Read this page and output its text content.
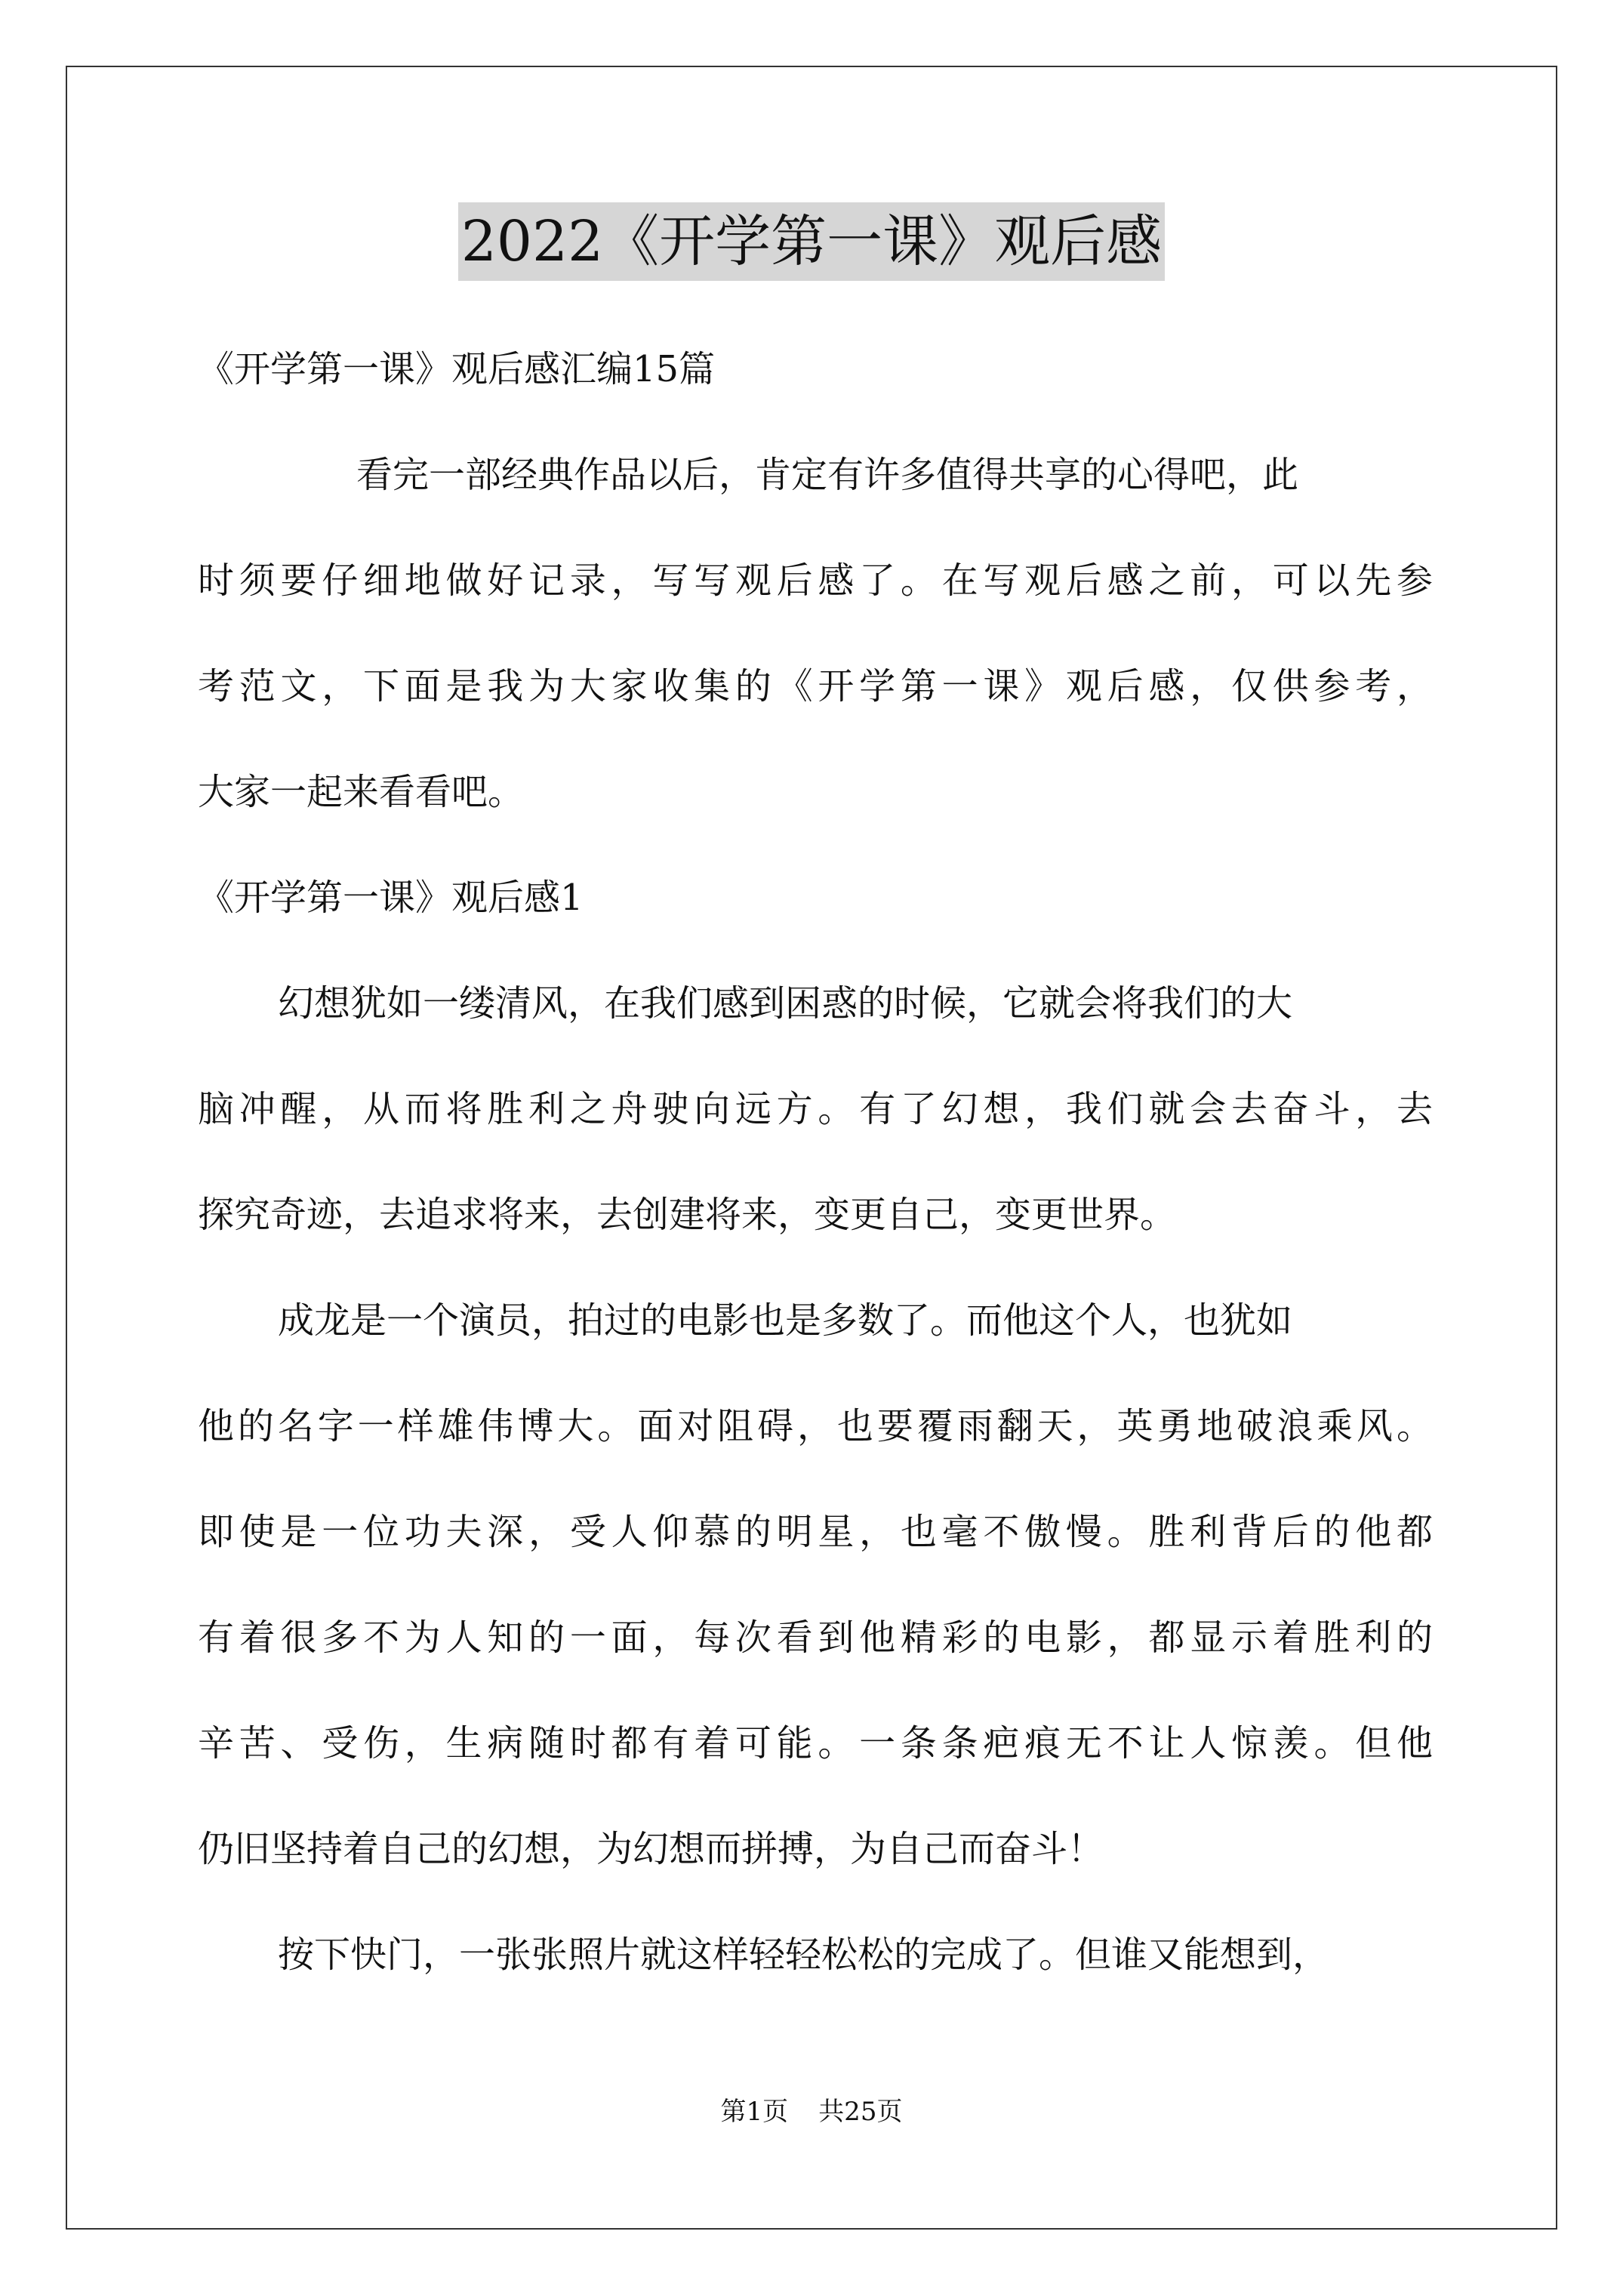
2022《开学第一课》观后感
《开学第一课》观后感汇编15篇
看完一部经典作品以后，肯定有许多值得共享的心得吧，此
时须要仔细地做好记录，写写观后感了。在写观后感之前，可以先参
考范文，下面是我为大家收集的《开学第一课》观后感，仅供参考，
大家一起来看看吧。
《开学第一课》观后感1
幻想犹如一缕清风，在我们感到困惑的时候，它就会将我们的大
脑冲醒，从而将胜利之舟驶向远方。有了幻想，我们就会去奋斗，去
探究奇迹，去追求将来，去创建将来，变更自己，变更世界。
成龙是一个演员，拍过的电影也是多数了。而他这个人，也犹如
他的名字一样雄伟博大。面对阻碍，也要覆雨翻天，英勇地破浪乘风。
即使是一位功夫深，受人仰慕的明星，也毫不傲慢。胜利背后的他都
有着很多不为人知的一面，每次看到他精彩的电影，都显示着胜利的
辛苦、受伤，生病随时都有着可能。一条条疤痕无不让人惊羡。但他
仍旧坚持着自己的幻想，为幻想而拼搏，为自己而奋斗！
按下快门，一张张照片就这样轻轻松松的完成了。但谁又能想到，
第1页 共25页
